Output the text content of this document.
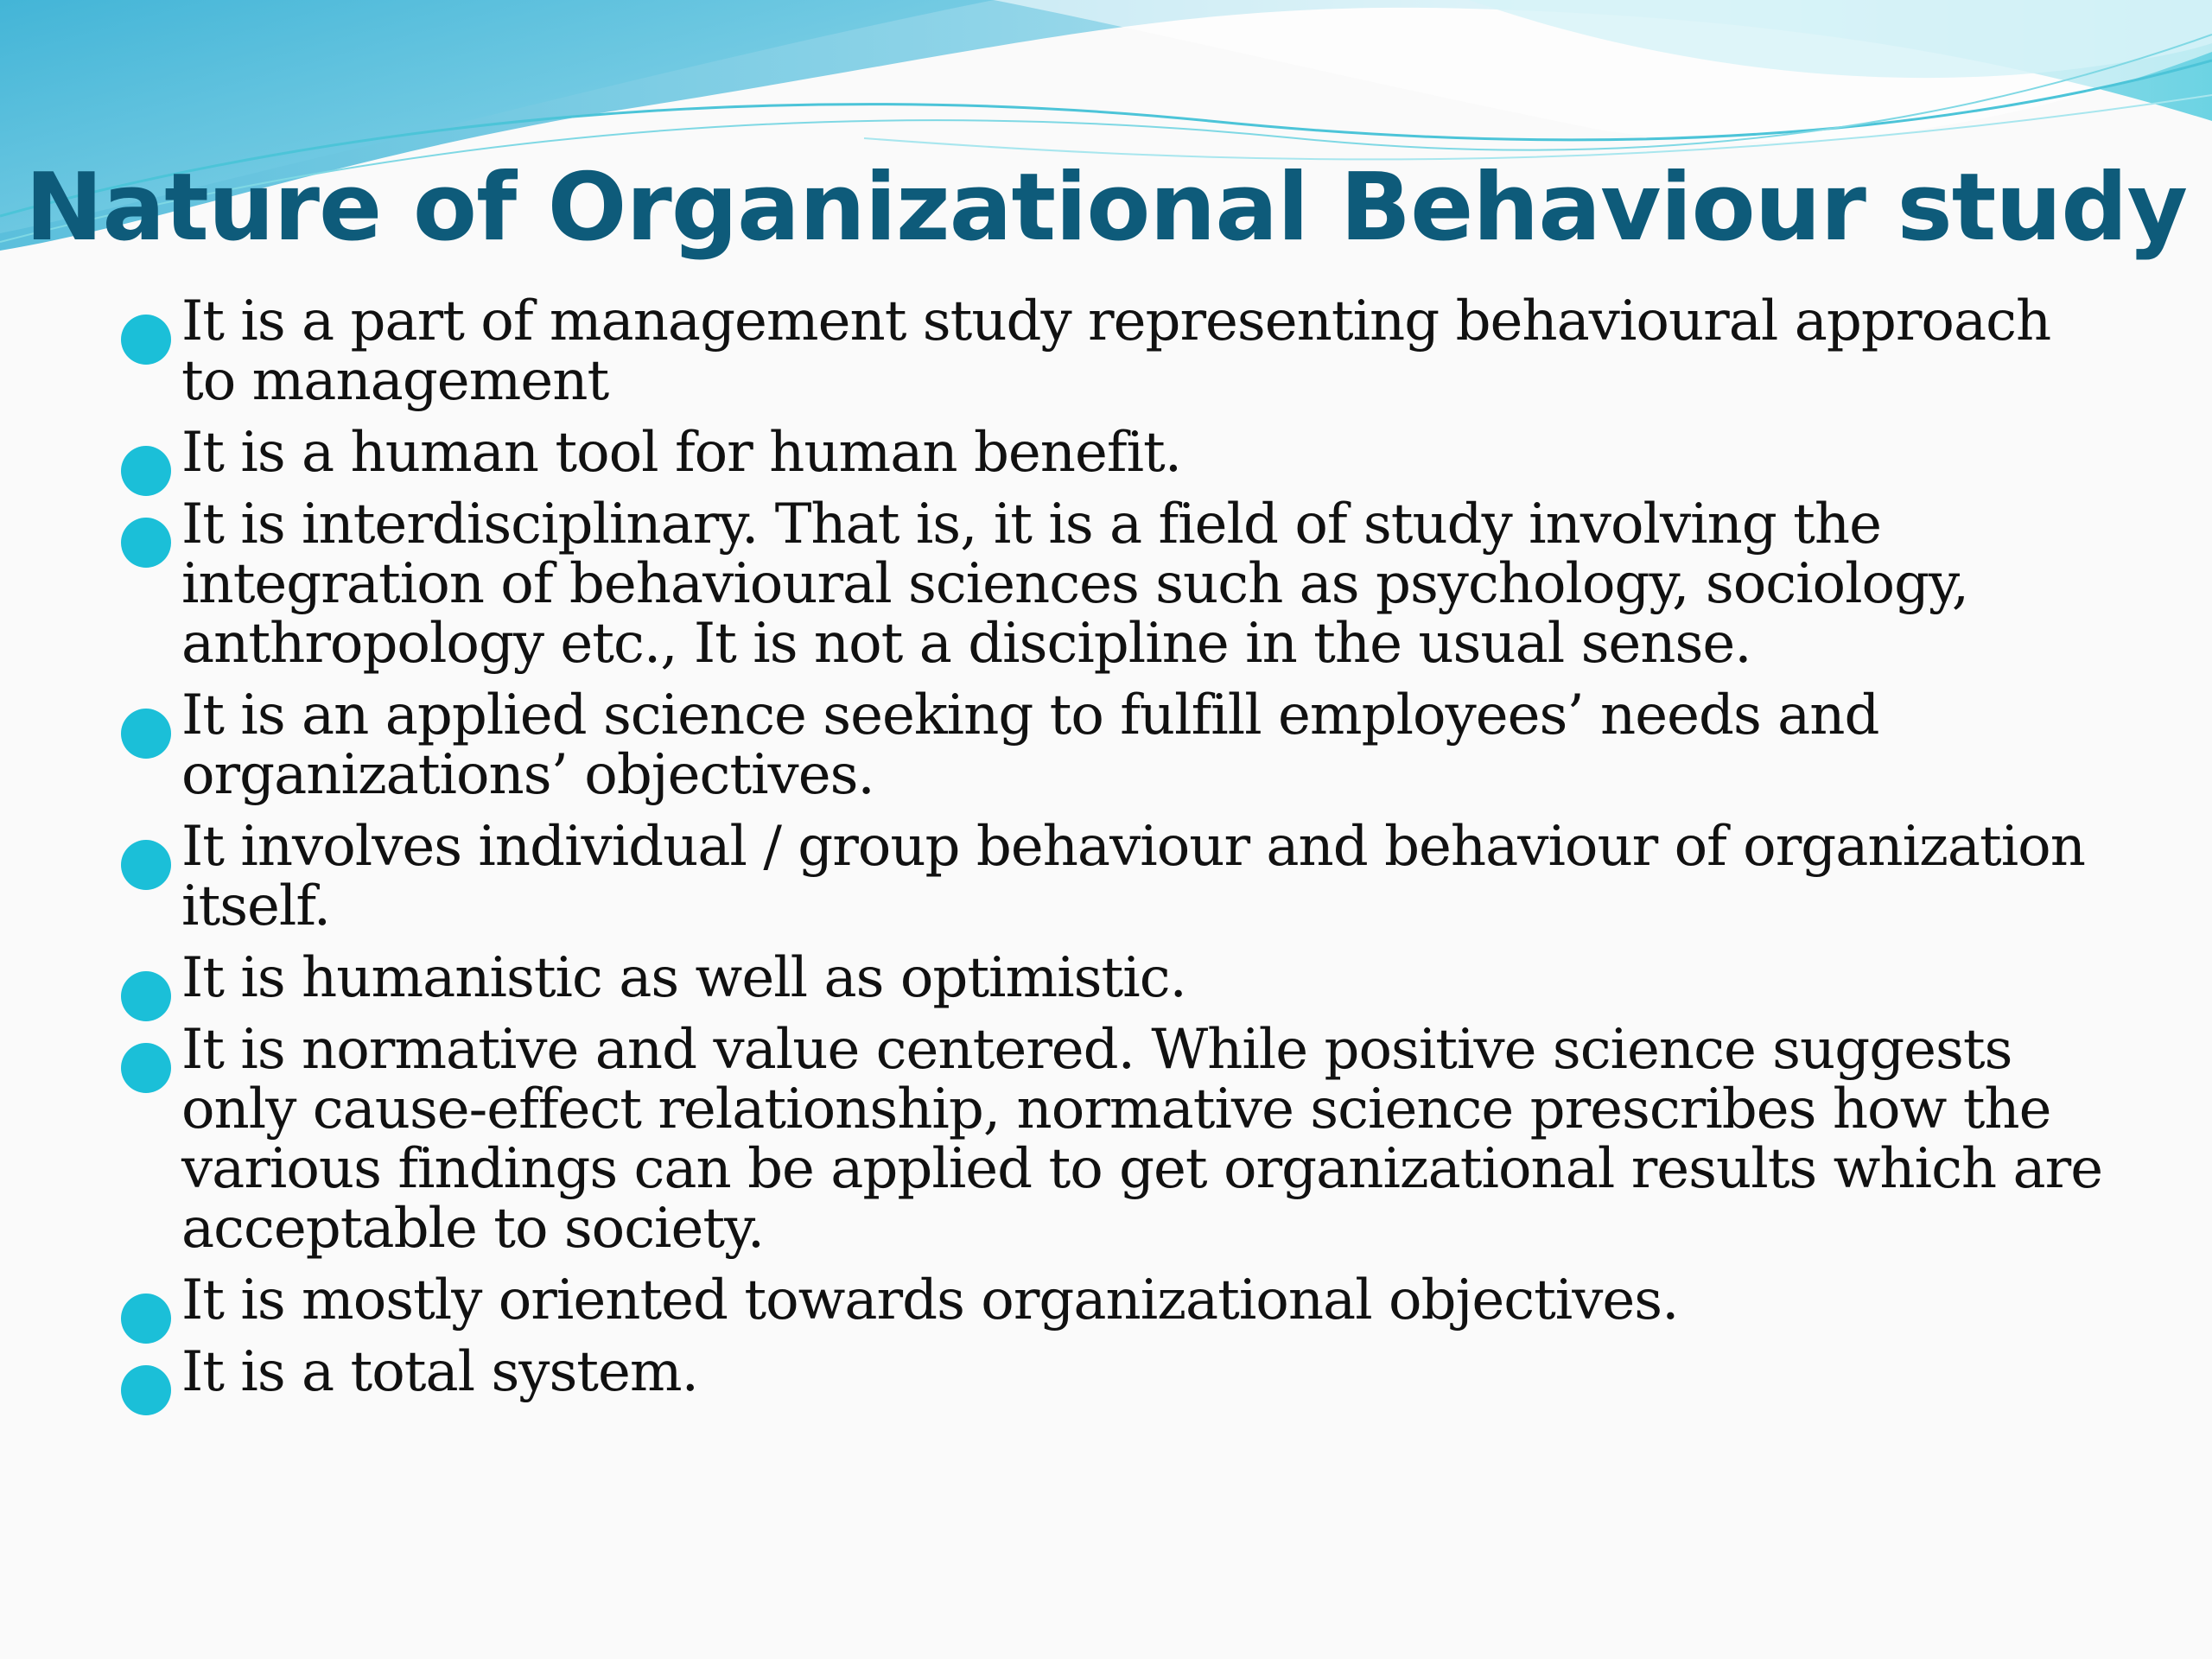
Nature of Organizational Behaviour study
It is a part of management study representing behavioural approach to management
It is a human tool for human benefit.
It is interdisciplinary. That is, it is a field of study involving the integration of behavioural sciences such as psychology, sociology, anthropology etc., It is not a discipline in the usual sense.
It is an applied science seeking to fulfill employees’ needs and organizations’ objectives.
It involves individual / group behaviour and behaviour of organization itself.
It is humanistic as well as optimistic.
It is normative and value centered. While positive science suggests only cause-effect relationship, normative science prescribes how the various findings can be applied to get organizational results which are acceptable to society.
It is mostly oriented towards organizational objectives.
It is a total system.
